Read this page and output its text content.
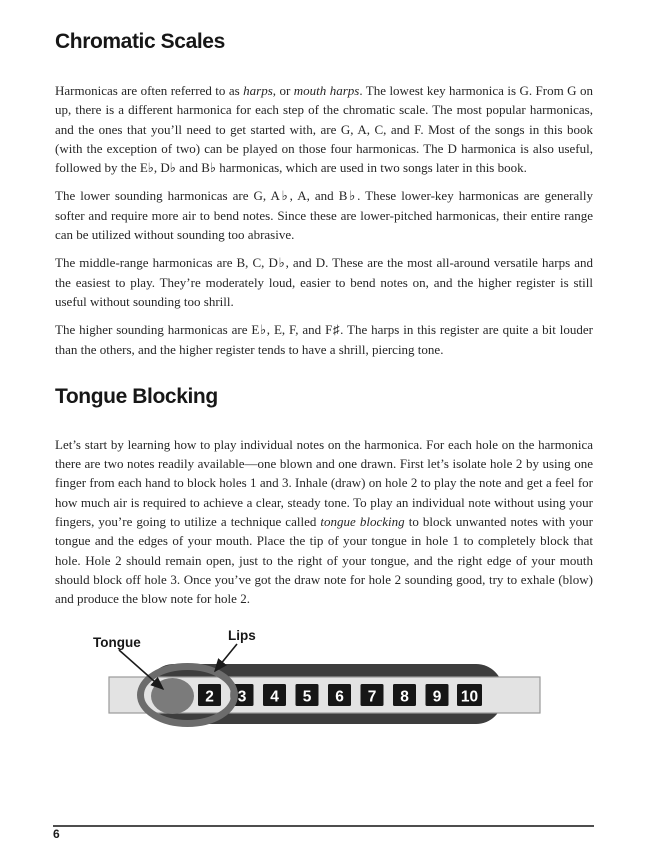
Chromatic Scales

Harmonicas are often referred to as harps, or mouth harps. The lowest key harmonica is G. From G on up, there is a different harmonica for each step of the chromatic scale. The most popular harmonicas, and the ones that you’ll need to get started with, are G, A, C, and F. Most of the songs in this book (with the exception of two) can be played on those four harmonicas. The D harmonica is also useful, followed by the E♭, D♭ and B♭ harmonicas, which are used in two songs later in this book.

The lower sounding harmonicas are G, A♭, A, and B♭. These lower-key harmonicas are generally softer and require more air to bend notes. Since these are lower-pitched harmonicas, their entire range can be utilized without sounding too abrasive.

The middle-range harmonicas are B, C, D♭, and D. These are the most all-around versatile harps and the easiest to play. They’re moderately loud, easier to bend notes on, and the higher register is still useful without sounding too shrill.

The higher sounding harmonicas are E♭, E, F, and F♯. The harps in this register are quite a bit louder than the others, and the higher register tends to have a shrill, piercing tone.

Tongue Blocking

Let’s start by learning how to play individual notes on the harmonica. For each hole on the harmonica there are two notes readily available—one blown and one drawn. First let’s isolate hole 2 by using one finger from each hand to block holes 1 and 3. Inhale (draw) on hole 2 to play the note and get a feel for how much air is required to achieve a clear, steady tone. To play an individual note without using your fingers, you’re going to utilize a technique called tongue blocking to block unwanted notes with your tongue and the edges of your mouth. Place the tip of your tongue in hole 1 to completely block that hole. Hole 2 should remain open, just to the right of your tongue, and the right edge of your mouth should block off hole 3. Once you’ve got the draw note for hole 2 sounding good, try to exhale (blow) and produce the blow note for hole 2.

2 3 4 5 6 7 8 9 10
Tongue	Lips
6
